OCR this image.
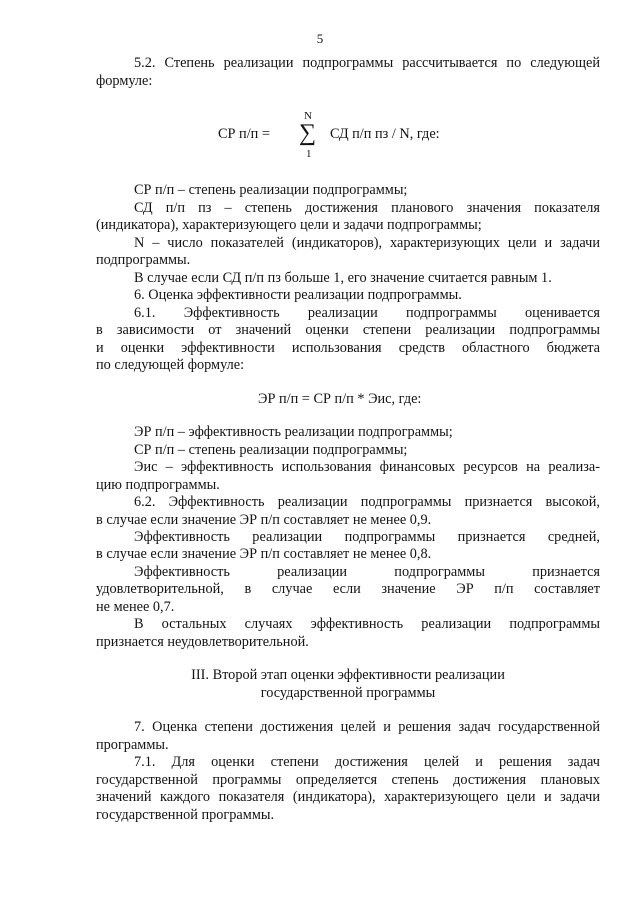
5
5.2. Степень реализации подпрограммы рассчитывается по следующей
формуле:
N
∑
1
СР п/п =	СД п/п пз / N, где:
СР п/п – степень реализации подпрограммы;
СД п/п пз – степень достижения планового значения показателя
(индикатора), характеризующего цели и задачи подпрограммы;
N – число показателей (индикаторов), характеризующих цели и задачи
подпрограммы.
В случае если СД п/п пз больше 1, его значение считается равным 1.
6. Оценка эффективности реализации подпрограммы.
6.1. Эффективность реализации подпрограммы оценивается
в зависимости от значений оценки степени реализации подпрограммы
и оценки эффективности использования средств областного бюджета
по следующей формуле:
ЭР п/п = СР п/п * Эис, где:
ЭР п/п – эффективность реализации подпрограммы;
СР п/п – степень реализации подпрограммы;
Эис – эффективность использования финансовых ресурсов на реализа-
цию подпрограммы.
6.2. Эффективность реализации подпрограммы признается высокой,
в случае если значение ЭР п/п составляет не менее 0,9.
Эффективность реализации подпрограммы признается средней,
в случае если значение ЭР п/п составляет не менее 0,8.
Эффективность реализации подпрограммы признается
удовлетворительной, в случае если значение ЭР п/п составляет
не менее 0,7.
В остальных случаях эффективность реализации подпрограммы
признается неудовлетворительной.
III. Второй этап оценки эффективности реализации
государственной программы
7. Оценка степени достижения целей и решения задач государственной
программы.
7.1. Для оценки степени достижения целей и решения задач
государственной программы определяется степень достижения плановых
значений каждого показателя (индикатора), характеризующего цели и задачи
государственной программы.
